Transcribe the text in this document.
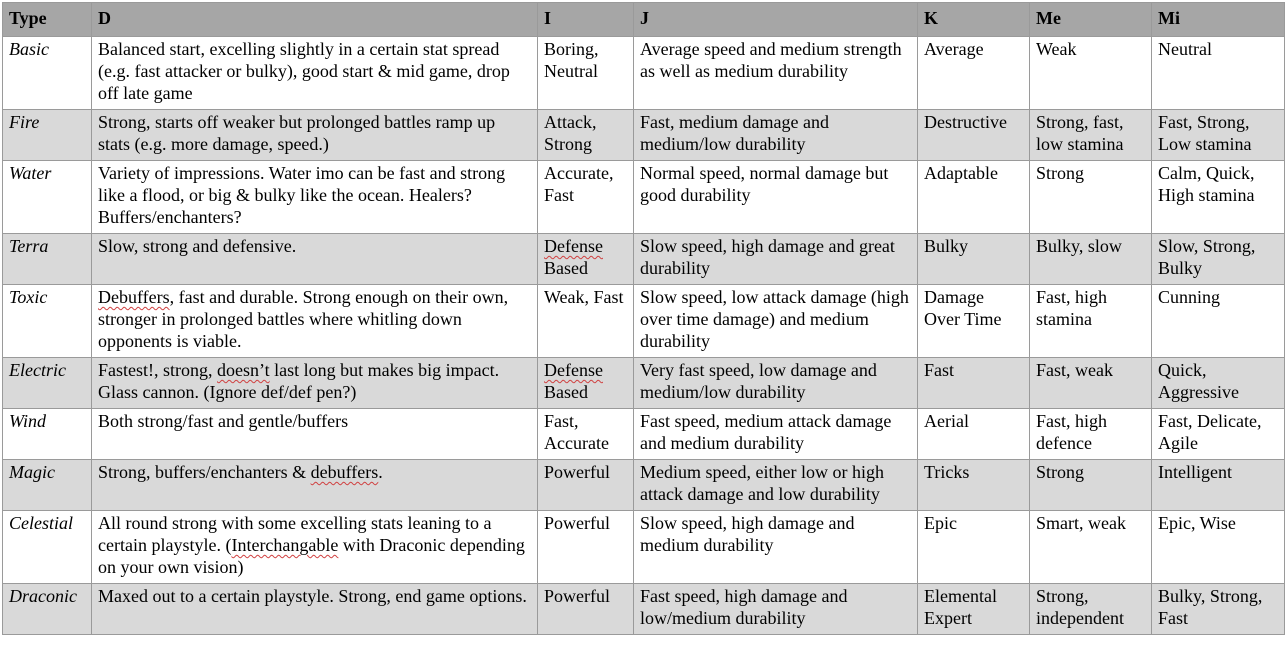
Type	D	I	J	K	Me	Mi
Basic	Balanced start, excelling slightly in a certain stat spread (e.g. fast attacker or bulky), good start & mid game, drop off late game	Boring, Neutral	Average speed and medium strength as well as medium durability	Average	Weak	Neutral
Fire	Strong, starts off weaker but prolonged battles ramp up stats (e.g. more damage, speed.)	Attack, Strong	Fast, medium damage and medium/low durability	Destructive	Strong, fast, low stamina	Fast, Strong, Low stamina
Water	Variety of impressions. Water imo can be fast and strong like a flood, or big & bulky like the ocean. Healers? Buffers/enchanters?	Accurate, Fast	Normal speed, normal damage but good durability	Adaptable	Strong	Calm, Quick, High stamina
Terra	Slow, strong and defensive.	Defense Based	Slow speed, high damage and great durability	Bulky	Bulky, slow	Slow, Strong, Bulky
Toxic	Debuffers, fast and durable. Strong enough on their own, stronger in prolonged battles where whitling down opponents is viable.	Weak, Fast	Slow speed, low attack damage (high over time damage) and medium durability	Damage Over Time	Fast, high stamina	Cunning
Electric	Fastest!, strong, doesn’t last long but makes big impact. Glass cannon. (Ignore def/def pen?)	Defense Based	Very fast speed, low damage and medium/low durability	Fast	Fast, weak	Quick, Aggressive
Wind	Both strong/fast and gentle/buffers	Fast, Accurate	Fast speed, medium attack damage and medium durability	Aerial	Fast, high defence	Fast, Delicate, Agile
Magic	Strong, buffers/enchanters & debuffers.	Powerful	Medium speed, either low or high attack damage and low durability	Tricks	Strong	Intelligent
Celestial	All round strong with some excelling stats leaning to a certain playstyle. (Interchangable with Draconic depending on your own vision)	Powerful	Slow speed, high damage and medium durability	Epic	Smart, weak	Epic, Wise
Draconic	Maxed out to a certain playstyle. Strong, end game options.	Powerful	Fast speed, high damage and low/medium durability	Elemental Expert	Strong, independent	Bulky, Strong, Fast
